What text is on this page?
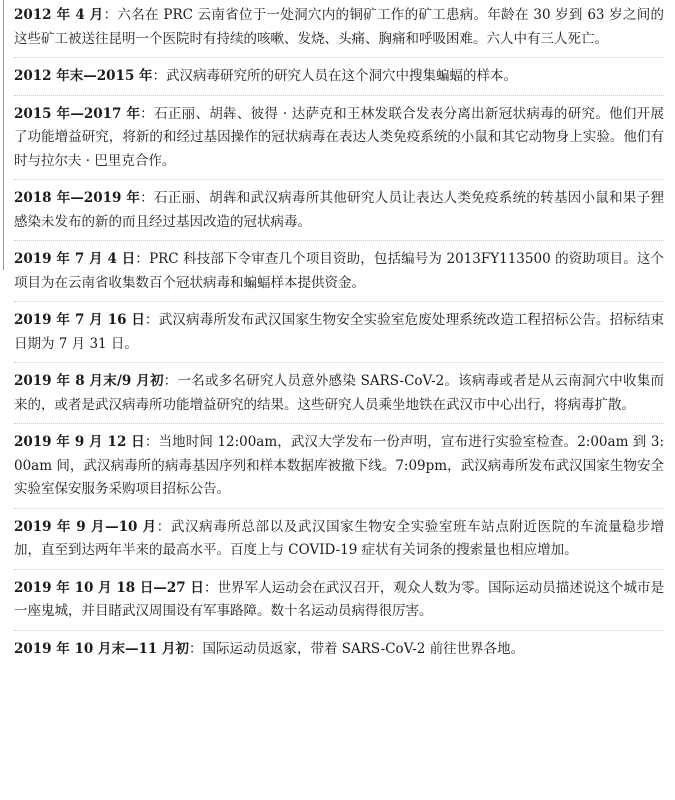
2012 年 4 月：六名在 PRC 云南省位于一处洞穴内的铜矿工作的矿工患病。年龄在 30 岁到 63 岁之间的这些矿工被送往昆明一个医院时有持续的咳嗽、发烧、头痛、胸痛和呼吸困难。六人中有三人死亡。

2012 年末—2015 年：武汉病毒研究所的研究人员在这个洞穴中搜集蝙蝠的样本。

2015 年—2017 年：石正丽、胡犇、彼得 · 达萨克和王林发联合发表分离出新冠状病毒的研究。他们开展了功能增益研究，将新的和经过基因操作的冠状病毒在表达人类免疫系统的小鼠和其它动物身上实验。他们有时与拉尔夫 · 巴里克合作。

2018 年—2019 年：石正丽、胡犇和武汉病毒所其他研究人员让表达人类免疫系统的转基因小鼠和果子狸感染未发布的新的而且经过基因改造的冠状病毒。

2019 年 7 月 4 日：PRC 科技部下令审查几个项目资助，包括编号为 2013FY113500 的资助项目。这个项目为在云南省收集数百个冠状病毒和蝙蝠样本提供资金。

2019 年 7 月 16 日：武汉病毒所发布武汉国家生物安全实验室危废处理系统改造工程招标公告。招标结束日期为 7 月 31 日。

2019 年 8 月末/9 月初：一名或多名研究人员意外感染 SARS-CoV-2。该病毒或者是从云南洞穴中收集而来的，或者是武汉病毒所功能增益研究的结果。这些研究人员乘坐地铁在武汉市中心出行，将病毒扩散。

2019 年 9 月 12 日：当地时间 12:00am，武汉大学发布一份声明，宣布进行实验室检查。2:00am 到 3:00am 间，武汉病毒所的病毒基因序列和样本数据库被撤下线。7:09pm，武汉病毒所发布武汉国家生物安全实验室保安服务采购项目招标公告。

2019 年 9 月—10 月：武汉病毒所总部以及武汉国家生物安全实验室班车站点附近医院的车流量稳步增加，直至到达两年半来的最高水平。百度上与 COVID-19 症状有关词条的搜索量也相应增加。

2019 年 10 月 18 日—27 日：世界军人运动会在武汉召开，观众人数为零。国际运动员描述说这个城市是一座鬼城，并目睹武汉周围设有军事路障。数十名运动员病得很厉害。

2019 年 10 月末—11 月初：国际运动员返家，带着 SARS-CoV-2 前往世界各地。
